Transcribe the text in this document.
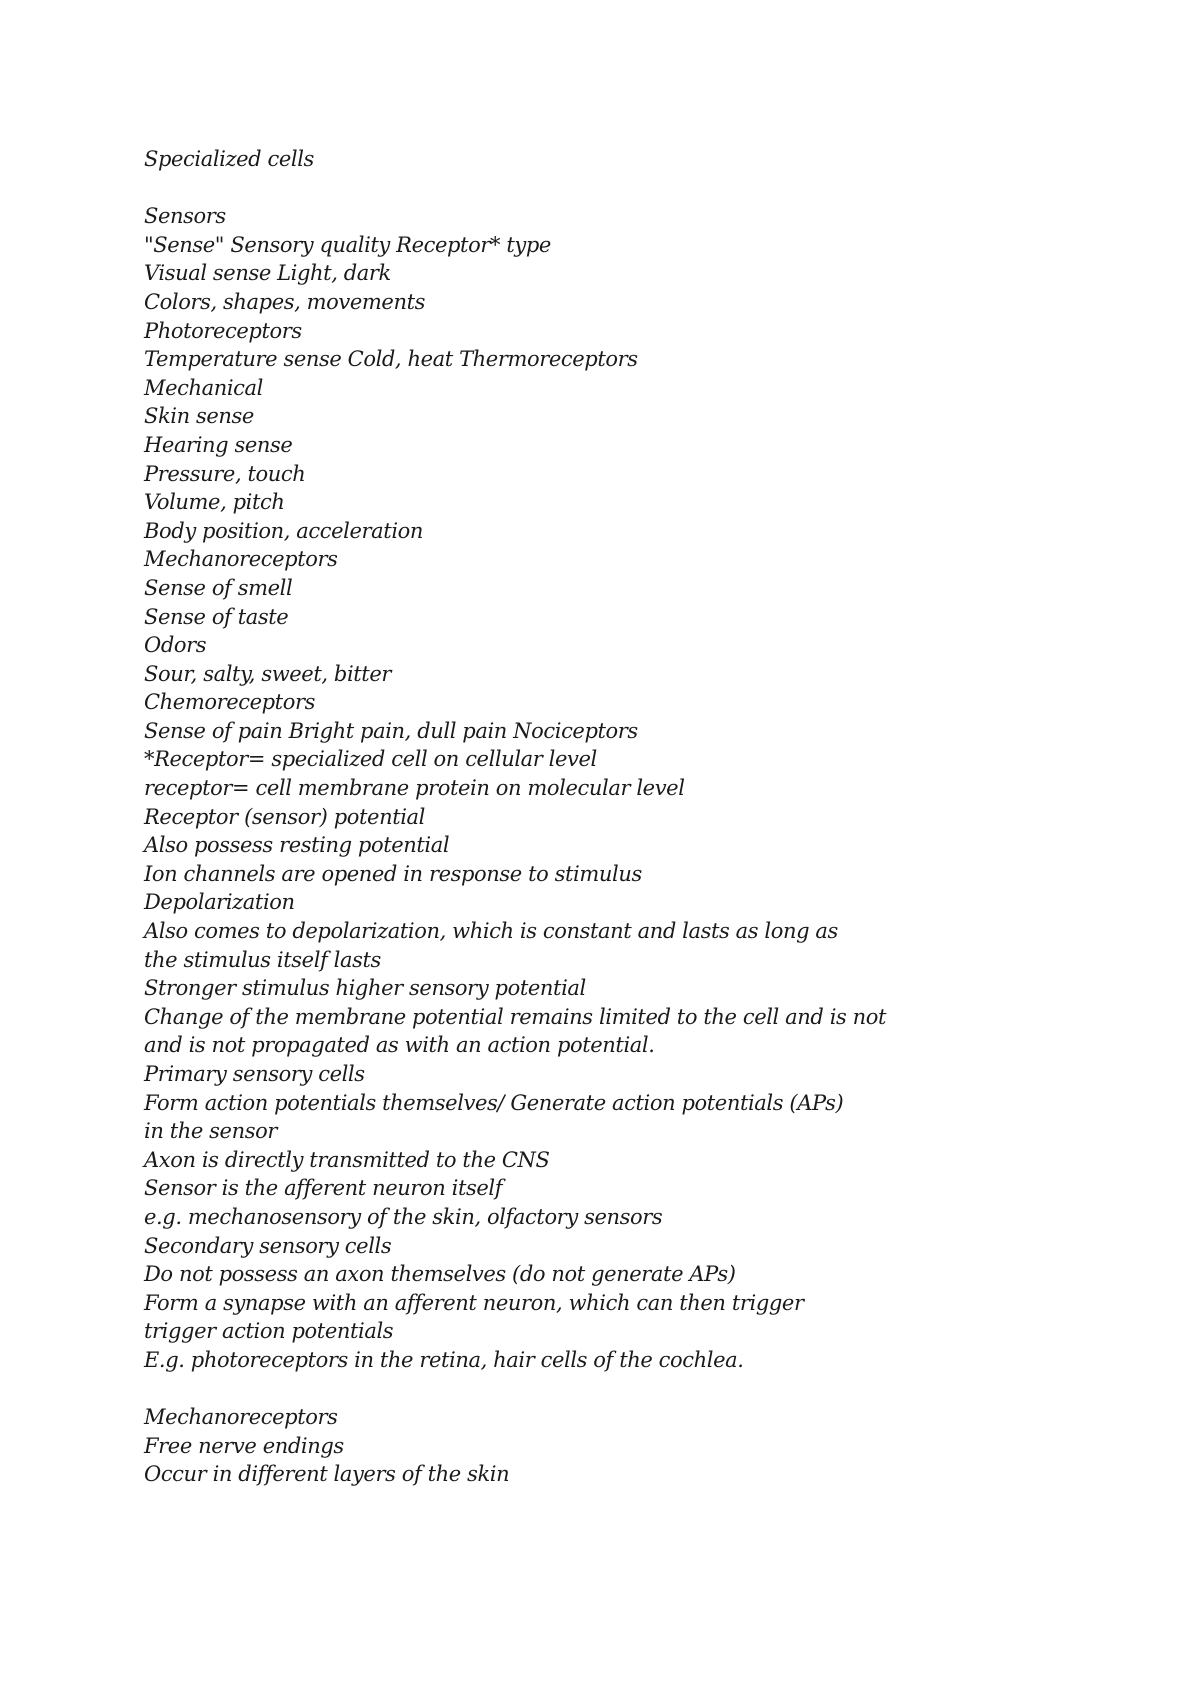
Specialized cells
Sensors
"Sense" Sensory quality Receptor* type
Visual sense Light, dark
Colors, shapes, movements
Photoreceptors
Temperature sense Cold, heat Thermoreceptors
Mechanical
Skin sense
Hearing sense
Pressure, touch
Volume, pitch
Body position, acceleration
Mechanoreceptors
Sense of smell
Sense of taste
Odors
Sour, salty, sweet, bitter
Chemoreceptors
Sense of pain Bright pain, dull pain Nociceptors
*Receptor= specialized cell on cellular level
receptor= cell membrane protein on molecular level
Receptor (sensor) potential
Also possess resting potential
Ion channels are opened in response to stimulus
Depolarization
Also comes to depolarization, which is constant and lasts as long as
the stimulus itself lasts
Stronger stimulus higher sensory potential
Change of the membrane potential remains limited to the cell and is not
and is not propagated as with an action potential.
Primary sensory cells
Form action potentials themselves/ Generate action potentials (APs)
in the sensor
Axon is directly transmitted to the CNS
Sensor is the afferent neuron itself
e.g. mechanosensory of the skin, olfactory sensors
Secondary sensory cells
Do not possess an axon themselves (do not generate APs)
Form a synapse with an afferent neuron, which can then trigger
trigger action potentials
E.g. photoreceptors in the retina, hair cells of the cochlea.
Mechanoreceptors
Free nerve endings
Occur in different layers of the skin
